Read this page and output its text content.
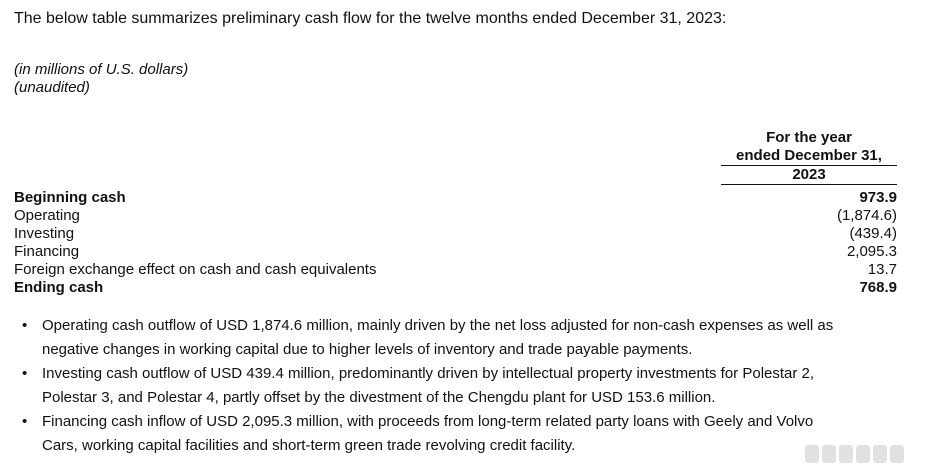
The below table summarizes preliminary cash flow for the twelve months ended December 31, 2023:
(in millions of U.S. dollars)
(unaudited)
For the year
ended December 31,
2023
Beginning cash	973.9
Operating	(1,874.6)
Investing	(439.4)
Financing	2,095.3
Foreign exchange effect on cash and cash equivalents	13.7
Ending cash	768.9
• Operating cash outflow of USD 1,874.6 million, mainly driven by the net loss adjusted for non-cash expenses as well as
negative changes in working capital due to higher levels of inventory and trade payable payments.
• Investing cash outflow of USD 439.4 million, predominantly driven by intellectual property investments for Polestar 2,
Polestar 3, and Polestar 4, partly offset by the divestment of the Chengdu plant for USD 153.6 million.
• Financing cash inflow of USD 2,095.3 million, with proceeds from long-term related party loans with Geely and Volvo
Cars, working capital facilities and short-term green trade revolving credit facility.
